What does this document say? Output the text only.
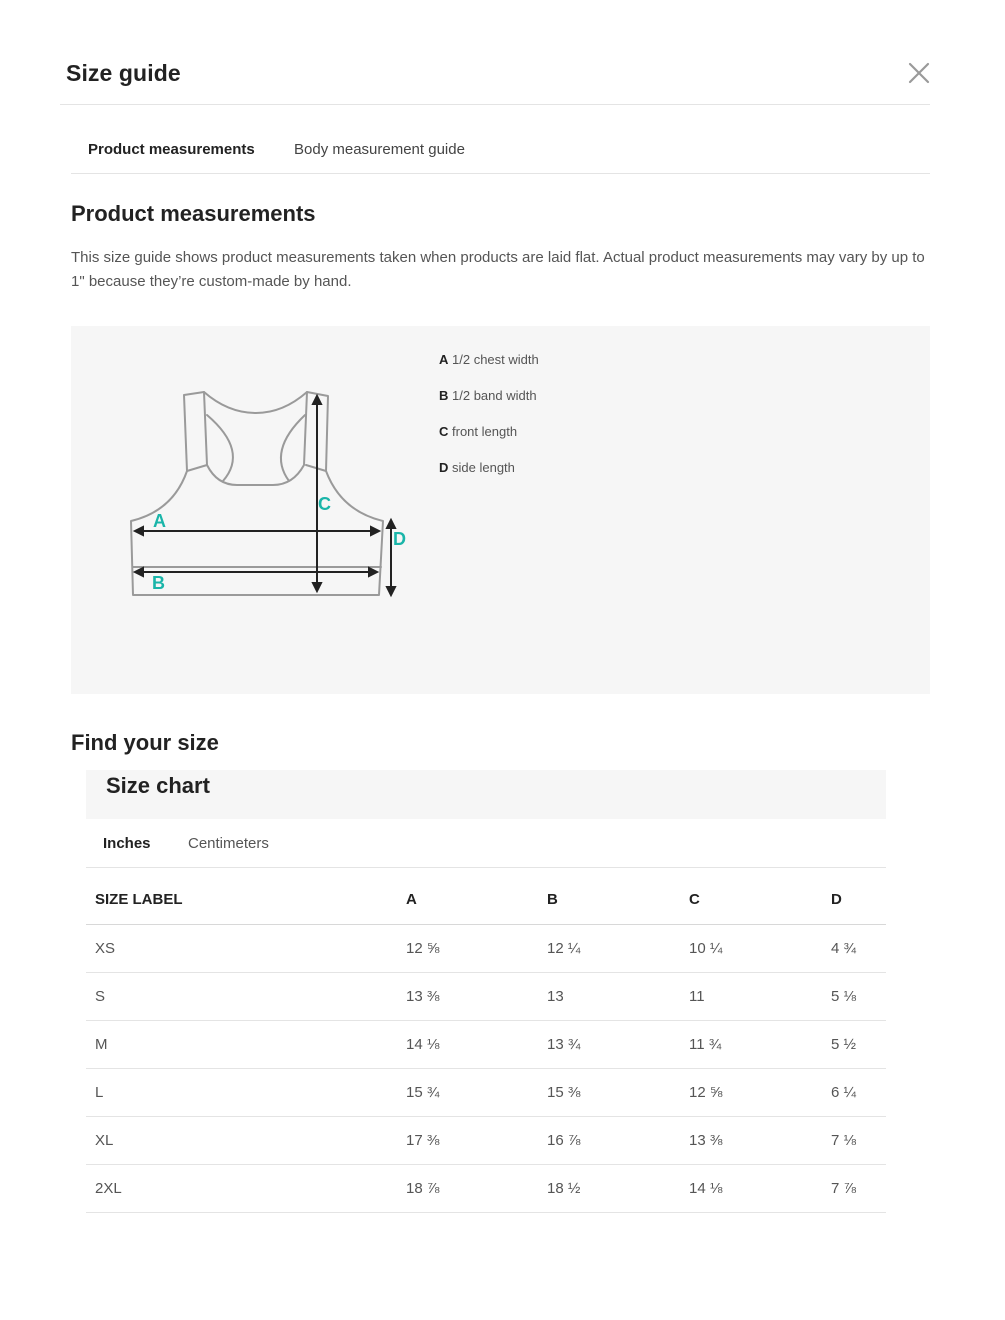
Size guide
Product measurements	Body measurement guide
Product measurements
This size guide shows product measurements taken when products are laid flat. Actual product measurements may vary by up to 1" because they’re custom-made by hand.
A
B
C
D
A 1/2 chest width
B 1/2 band width
C front length
D side length
Find your size
Size chart
Inches Centimeters
SIZE LABEL	A	B	C	D
XS	12 ⅝	12 ¼	10 ¼	4 ¾
S	13 ⅜	13	11	5 ⅛
M	14 ⅛	13 ¾	11 ¾	5 ½
L	15 ¾	15 ⅜	12 ⅝	6 ¼
XL	17 ⅜	16 ⅞	13 ⅜	7 ⅛
2XL	18 ⅞	18 ½	14 ⅛	7 ⅞
